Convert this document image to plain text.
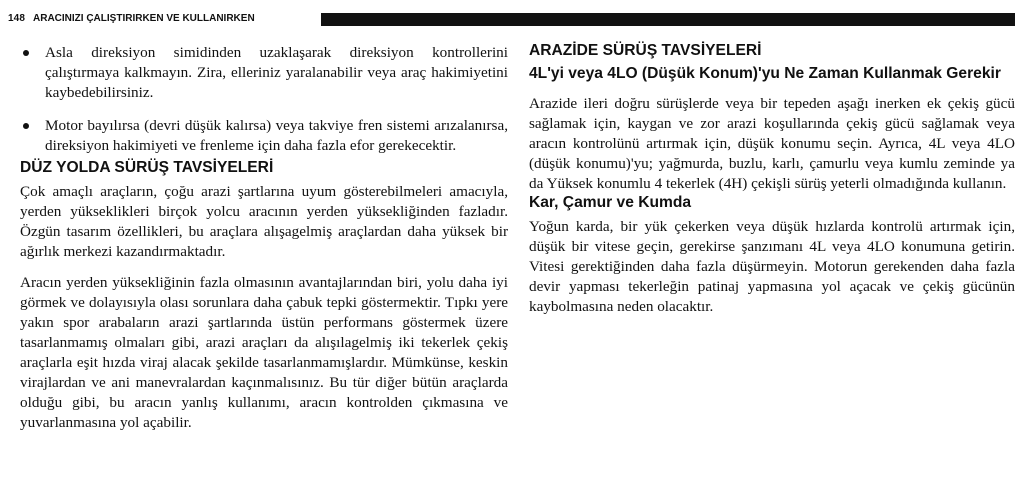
148 ARACINIZI ÇALIŞTIRIRKEN VE KULLANIRKEN

Asla direksiyon simidinden uzaklaşarak direksiyon kontrollerini çalıştırmaya kalkmayın. Zira, elleriniz yaralanabilir veya araç hakimiyetini kaybedebilirsiniz.

Motor bayılırsa (devri düşük kalırsa) veya takviye fren sistemi arızalanırsa, direksiyon hakimiyeti ve frenleme için daha fazla efor gerekecektir.

DÜZ YOLDA SÜRÜŞ TAVSİYELERİ

Çok amaçlı araçların, çoğu arazi şartlarına uyum gösterebilmeleri amacıyla, yerden yükseklikleri birçok yolcu aracının yerden yüksekliğinden fazladır. Özgün tasarım özellikleri, bu araçlara alışagelmiş araçlardan daha yüksek bir ağırlık merkezi kazandırmaktadır.

Aracın yerden yüksekliğinin fazla olmasının avantajlarından biri, yolu daha iyi görmek ve dolayısıyla olası sorunlara daha çabuk tepki göstermektir. Tıpkı yere yakın spor arabaların arazi şartlarında üstün performans göstermek üzere tasarlanmamış olmaları gibi, arazi araçları da alışılagelmiş iki tekerlek çekiş araçlarla eşit hızda viraj alacak şekilde tasarlanmamışlardır. Mümkünse, keskin virajlardan ve ani manevralardan kaçınmalısınız. Bu tür diğer bütün araçlarda olduğu gibi, bu aracın yanlış kullanımı, aracın kontrolden çıkmasına ve yuvarlanmasına yol açabilir.

ARAZİDE SÜRÜŞ TAVSİYELERİ
4L'yi veya 4LO (Düşük Konum)'yu Ne Zaman Kullanmak Gerekir

Arazide ileri doğru sürüşlerde veya bir tepeden aşağı inerken ek çekiş gücü sağlamak için, kaygan ve zor arazi koşullarında çekiş gücü sağlamak veya aracın kontrolünü artırmak için, düşük konumu seçin. Ayrıca, 4L veya 4LO (düşük konumu)'yu; yağmurda, buzlu, karlı, çamurlu veya kumlu zeminde ya da Yüksek konumlu 4 tekerlek (4H) çekişli sürüş yeterli olmadığında kullanın.

Kar, Çamur ve Kumda

Yoğun karda, bir yük çekerken veya düşük hızlarda kontrolü artırmak için, düşük bir vitese geçin, gerekirse şanzımanı 4L veya 4LO konumuna getirin. Vitesi gerektiğinden daha fazla düşürmeyin. Motorun gerekenden daha fazla devir yapması tekerleğin patinaj yapmasına yol açacak ve çekiş gücünün kaybolmasına neden olacaktır.
